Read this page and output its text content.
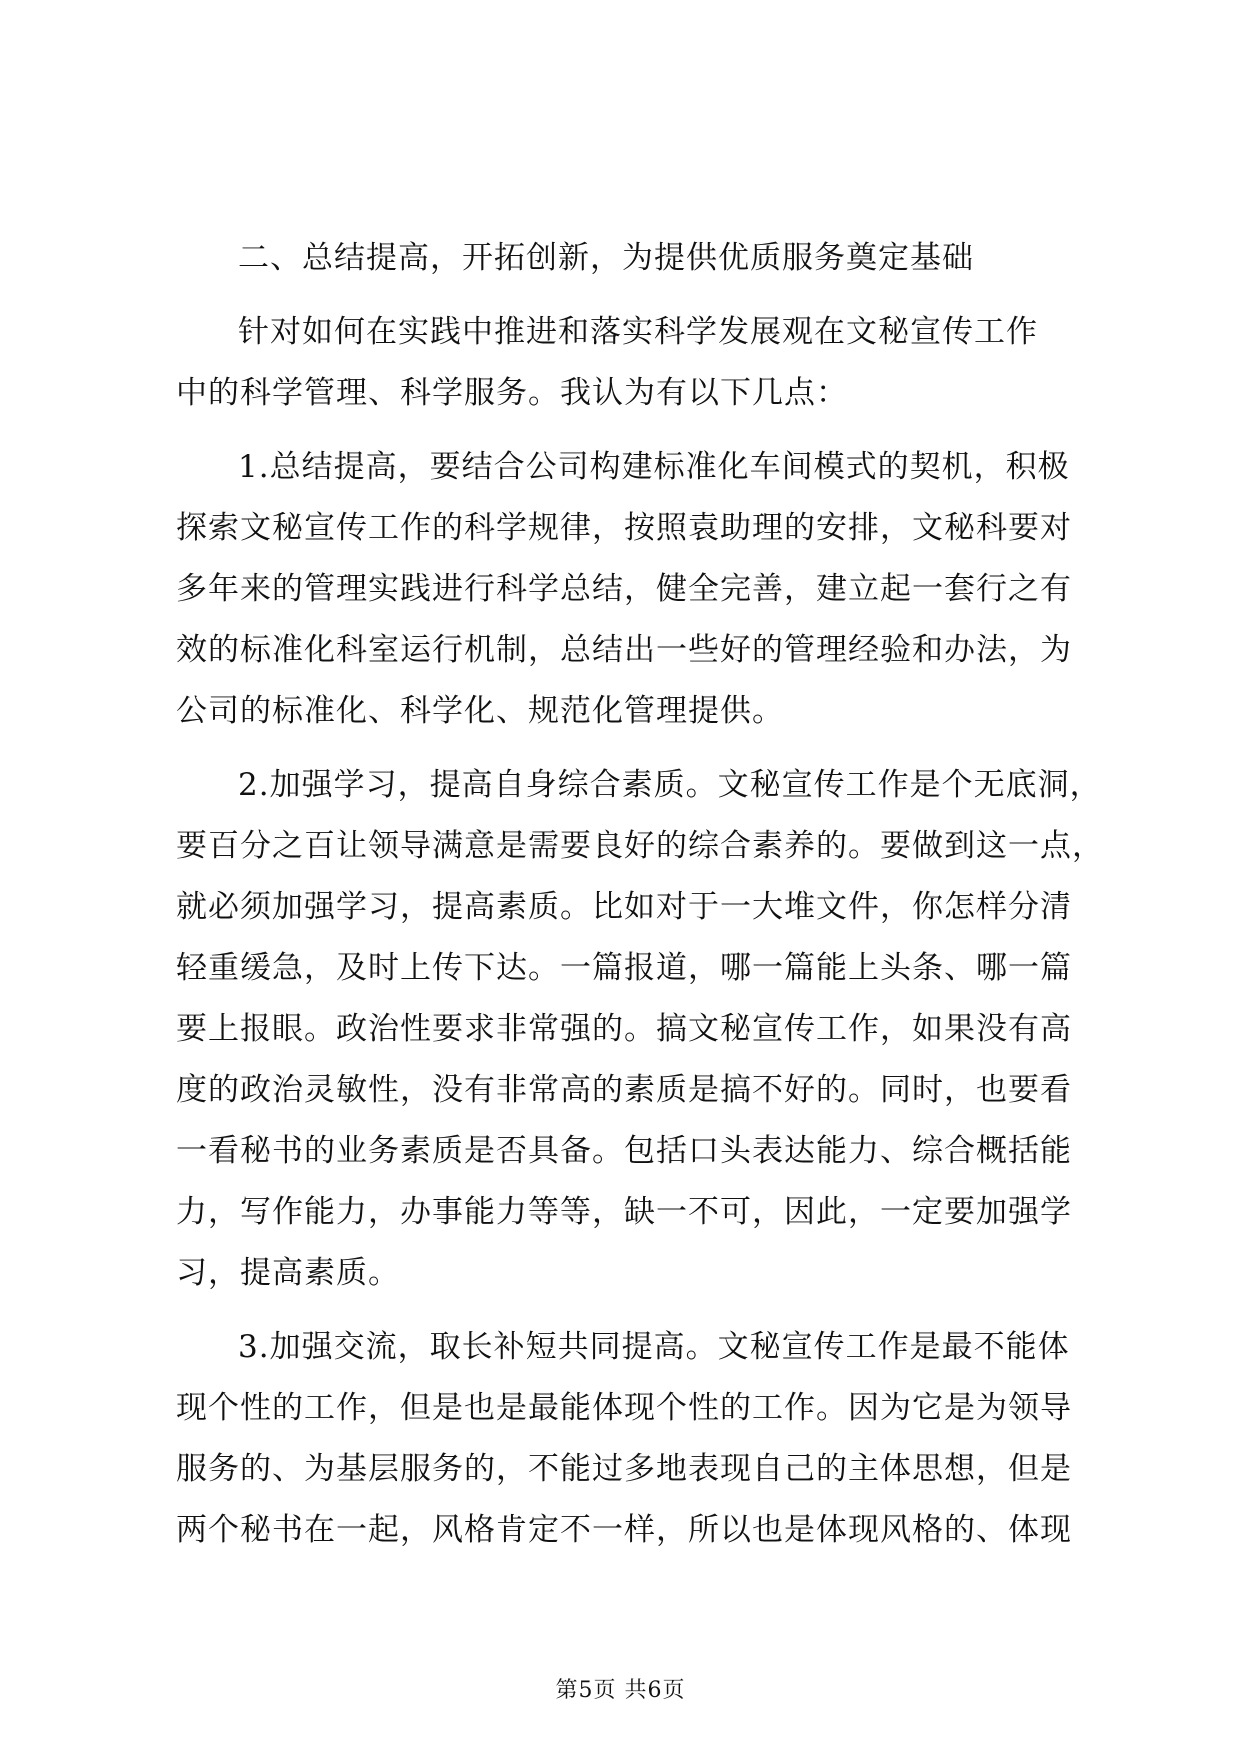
二、总结提高，开拓创新，为提供优质服务奠定基础

针对如何在实践中推进和落实科学发展观在文秘宣传工作
中的科学管理、科学服务。我认为有以下几点：

1.总结提高，要结合公司构建标准化车间模式的契机，积极
探索文秘宣传工作的科学规律，按照袁助理的安排，文秘科要对
多年来的管理实践进行科学总结，健全完善，建立起一套行之有
效的标准化科室运行机制，总结出一些好的管理经验和办法，为
公司的标准化、科学化、规范化管理提供。

2.加强学习，提高自身综合素质。文秘宣传工作是个无底洞，
要百分之百让领导满意是需要良好的综合素养的。要做到这一点，
就必须加强学习，提高素质。比如对于一大堆文件，你怎样分清
轻重缓急，及时上传下达。一篇报道，哪一篇能上头条、哪一篇
要上报眼。政治性要求非常强的。搞文秘宣传工作，如果没有高
度的政治灵敏性，没有非常高的素质是搞不好的。同时，也要看
一看秘书的业务素质是否具备。包括口头表达能力、综合概括能
力，写作能力，办事能力等等，缺一不可，因此，一定要加强学
习，提高素质。

3.加强交流，取长补短共同提高。文秘宣传工作是最不能体
现个性的工作，但是也是最能体现个性的工作。因为它是为领导
服务的、为基层服务的，不能过多地表现自己的主体思想，但是
两个秘书在一起，风格肯定不一样，所以也是体现风格的、体现

第5页 共6页
